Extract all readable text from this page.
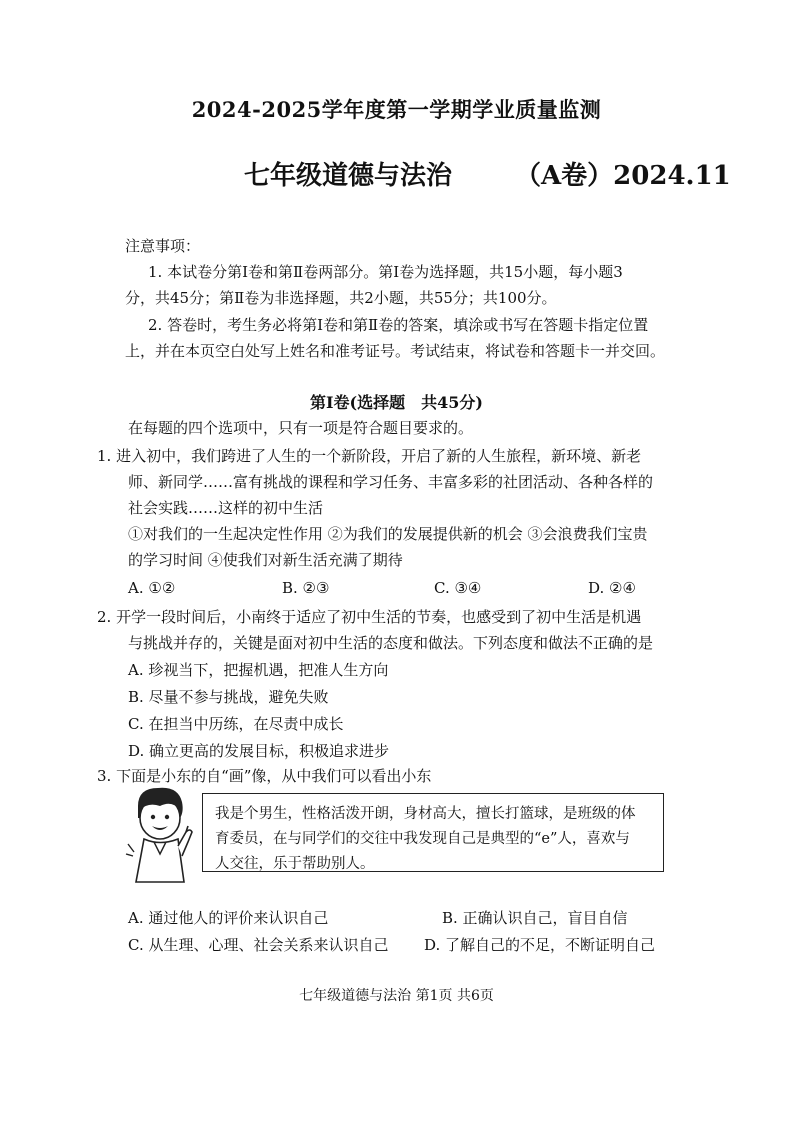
2024-2025学年度第一学期学业质量监测
七年级道德与法治 （A卷）2024.11
注意事项：
1. 本试卷分第Ⅰ卷和第Ⅱ卷两部分。第Ⅰ卷为选择题，共15小题，每小题3
分，共45分；第Ⅱ卷为非选择题，共2小题，共55分；共100分。
2. 答卷时，考生务必将第Ⅰ卷和第Ⅱ卷的答案，填涂或书写在答题卡指定位置
上，并在本页空白处写上姓名和准考证号。考试结束，将试卷和答题卡一并交回。
第Ⅰ卷(选择题　共45分)
在每题的四个选项中，只有一项是符合题目要求的。
1. 进入初中，我们跨进了人生的一个新阶段，开启了新的人生旅程，新环境、新老
师、新同学……富有挑战的课程和学习任务、丰富多彩的社团活动、各种各样的
社会实践……这样的初中生活
①对我们的一生起决定性作用 ②为我们的发展提供新的机会 ③会浪费我们宝贵
的学习时间 ④使我们对新生活充满了期待
A. ①②	B. ②③	C. ③④	D. ②④
2. 开学一段时间后，小南终于适应了初中生活的节奏，也感受到了初中生活是机遇
与挑战并存的，关键是面对初中生活的态度和做法。下列态度和做法不正确的是
A. 珍视当下，把握机遇，把准人生方向
B. 尽量不参与挑战，避免失败
C. 在担当中历练，在尽责中成长
D. 确立更高的发展目标，积极追求进步
3. 下面是小东的自“画”像，从中我们可以看出小东
我是个男生，性格活泼开朗，身材高大，擅长打篮球，是班级的体
育委员，在与同学们的交往中我发现自己是典型的“e”人，喜欢与
人交往，乐于帮助别人。
A. 通过他人的评价来认识自己	B. 正确认识自己，盲目自信
C. 从生理、心理、社会关系来认识自己 D. 了解自己的不足，不断证明自己
七年级道德与法治 第1页 共6页
